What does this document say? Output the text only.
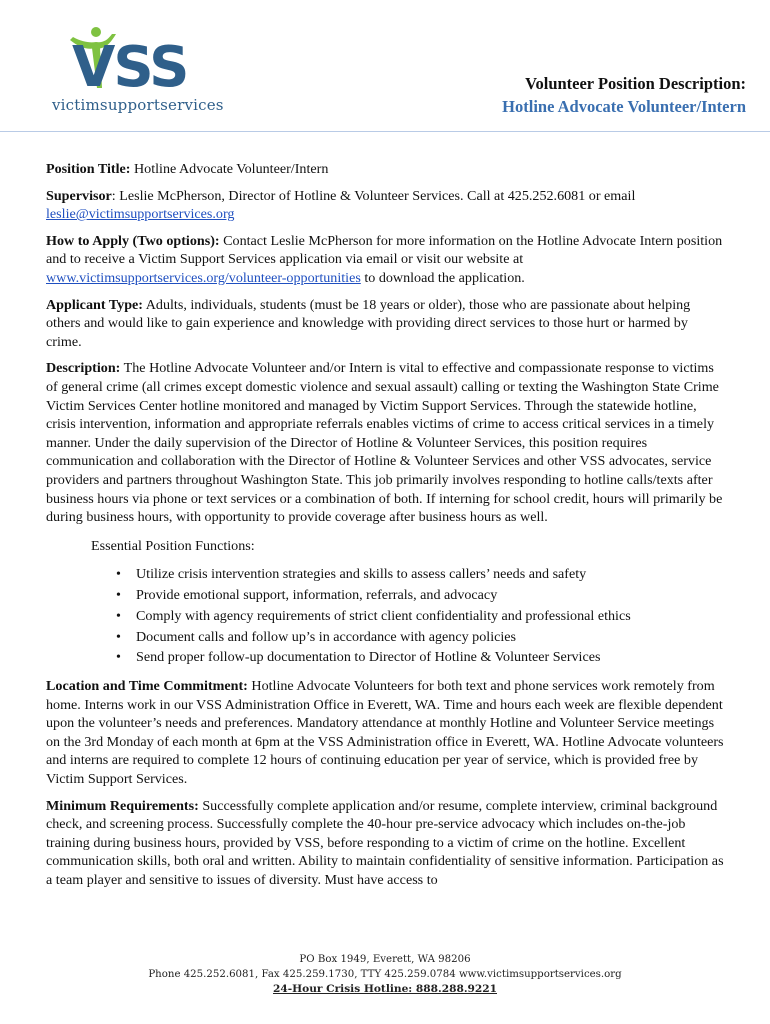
VSS
victimsupportservices
Volunteer Position Description:
Hotline Advocate Volunteer/Intern

Position Title: Hotline Advocate Volunteer/Intern

Supervisor: Leslie McPherson, Director of Hotline & Volunteer Services. Call at 425.252.6081 or email leslie@victimsupportservices.org

How to Apply (Two options): Contact Leslie McPherson for more information on the Hotline Advocate Intern position and to receive a Victim Support Services application via email or visit our website at www.victimsupportservices.org/volunteer-opportunities to download the application.

Applicant Type: Adults, individuals, students (must be 18 years or older), those who are passionate about helping others and would like to gain experience and knowledge with providing direct services to those hurt or harmed by crime.

Description: The Hotline Advocate Volunteer and/or Intern is vital to effective and compassionate response to victims of general crime (all crimes except domestic violence and sexual assault) calling or texting the Washington State Crime Victim Services Center hotline monitored and managed by Victim Support Services. Through the statewide hotline, crisis intervention, information and appropriate referrals enables victims of crime to access critical services in a timely manner. Under the daily supervision of the Director of Hotline & Volunteer Services, this position requires communication and collaboration with the Director of Hotline & Volunteer Services and other VSS advocates, service providers and partners throughout Washington State. This job primarily involves responding to hotline calls/texts after business hours via phone or text services or a combination of both. If interning for school credit, hours will primarily be during business hours, with opportunity to provide coverage after business hours as well.

Essential Position Functions:
• Utilize crisis intervention strategies and skills to assess callers’ needs and safety
• Provide emotional support, information, referrals, and advocacy
• Comply with agency requirements of strict client confidentiality and professional ethics
• Document calls and follow up’s in accordance with agency policies
• Send proper follow-up documentation to Director of Hotline & Volunteer Services

Location and Time Commitment: Hotline Advocate Volunteers for both text and phone services work remotely from home. Interns work in our VSS Administration Office in Everett, WA. Time and hours each week are flexible dependent upon the volunteer’s needs and preferences. Mandatory attendance at monthly Hotline and Volunteer Service meetings on the 3rd Monday of each month at 6pm at the VSS Administration office in Everett, WA. Hotline Advocate volunteers and interns are required to complete 12 hours of continuing education per year of service, which is provided free by Victim Support Services.

Minimum Requirements: Successfully complete application and/or resume, complete interview, criminal background check, and screening process. Successfully complete the 40-hour pre-service advocacy which includes on-the-job training during business hours, provided by VSS, before responding to a victim of crime on the hotline. Excellent communication skills, both oral and written. Ability to maintain confidentiality of sensitive information. Participation as a team player and sensitive to issues of diversity. Must have access to

PO Box 1949, Everett, WA 98206
Phone 425.252.6081, Fax 425.259.1730, TTY 425.259.0784 www.victimsupportservices.org
24-Hour Crisis Hotline: 888.288.9221
